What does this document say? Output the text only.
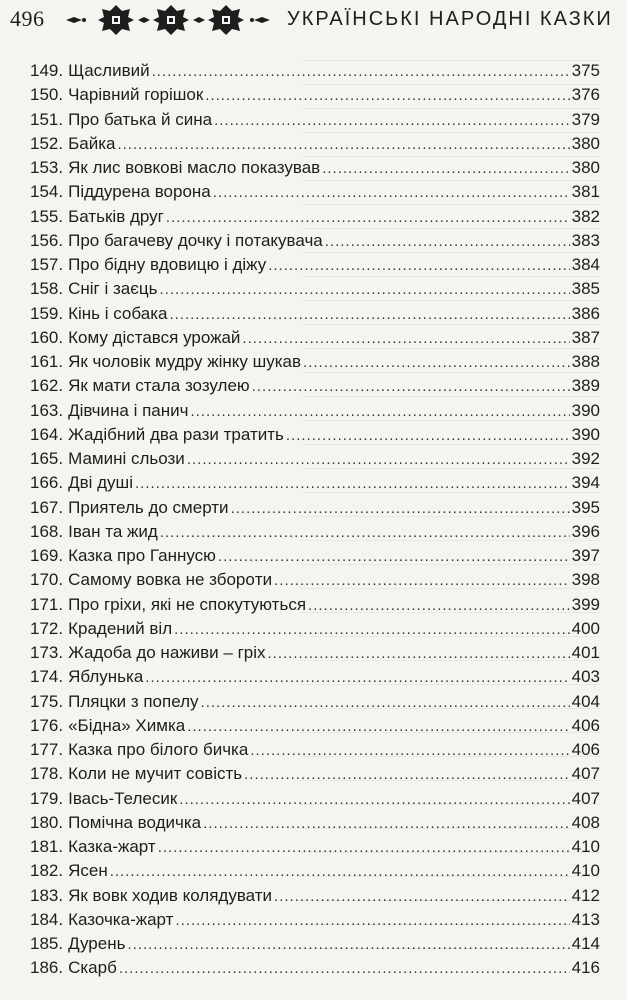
496	УКРАЇНСЬКІ НАРОДНІ КАЗКИ
149. Щасливий .....	375
150. Чарівний горішок .....	376
151. Про батька й сина .....	379
152. Байка .....	380
153. Як лис вовкові масло показував .....	380
154. Піддурена ворона .....	381
155. Батьків друг .....	382
156. Про багачеву дочку і потакувача .....	383
157. Про бідну вдовицю і діжу .....	384
158. Сніг і заєць .....	385
159. Кінь і собака .....	386
160. Кому дістався урожай .....	387
161. Як чоловік мудру жінку шукав .....	388
162. Як мати стала зозулею .....	389
163. Дівчина і панич .....	390
164. Жадібний два рази тратить .....	390
165. Мамині сльози .....	392
166. Дві душі .....	394
167. Приятель до смерти .....	395
168. Іван та жид .....	396
169. Казка про Ганнусю .....	397
170. Самому вовка не зборoти .....	398
171. Про гріхи, які не спокутуються .....	399
172. Крадений віл .....	400
173. Жадоба до наживи – гріх .....	401
174. Яблунька .....	403
175. Пляцки з попелу .....	404
176. «Бідна» Химка .....	406
177. Казка про білого бичка .....	406
178. Коли не мучит совість .....	407
179. Івась-Телесик .....	407
180. Помічна водичка .....	408
181. Казка-жарт .....	410
182. Ясен .....	410
183. Як вовк ходив колядувати .....	412
184. Казочка-жарт .....	413
185. Дурень .....	414
186. Скарб .....	416
